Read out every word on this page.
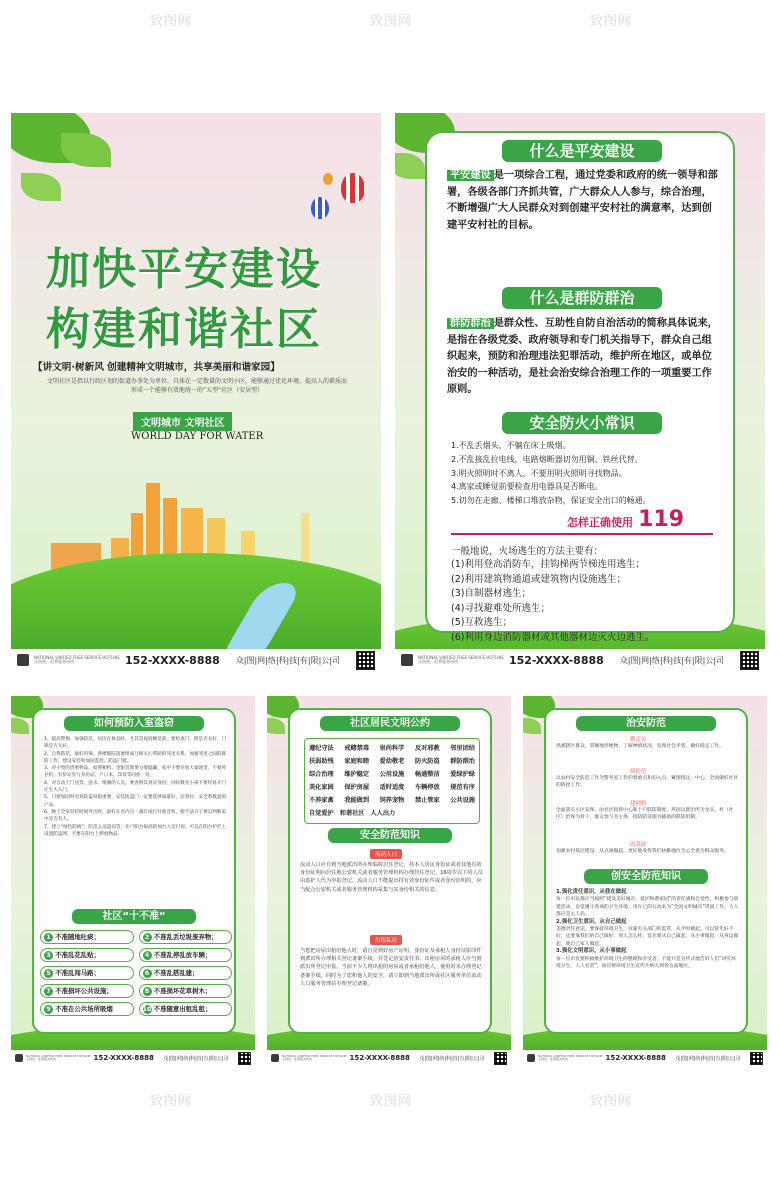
致图网	致图网	致图网
致图网	致图网	致图网
加快平安建设
构建和谐社区
【讲文明·树新风 创建精神文明城市，共享美丽和谐家园】
文明社区是指以行政区划的街道办事处为单位，具体在一定数量的文明小区，能够通过优化环境、提高人的素质而形成一个能够有效地统一的“五型”社区（安居型）
文明城市 文明社区
WORLD DAY FOR WATER
NATIONAL UNIFIED FREE SERVICE HOTLINE
全国统一免费服务热线	152-XXXX-8888	众|图|网|络|科|技|有|限|公|司
什么是平安建设
平安建设 是一项综合工程，通过党委和政府的统一领导和部署，各级各部门齐抓共管，广大群众人人参与，综合治理，不断增强广大人民群众对到创建平安村社的满意率，达到创建平安村社的目标。
什么是群防群治
群防群治 是群众性、互助性自防自治活动的简称具体说来，是指在各级党委、政府领导和专门机关指导下，群众自己组织起来，预防和治理违法犯罪活动，维护所在地区，或单位治安的一种活动，是社会治安综合治理工作的一项重要工作原则。
安全防火小常识
1.不乱丢烟头，不躺在床上吸烟。
2.不乱接乱拉电线，电路熔断器切勿用铜、铁丝代替。
3.明火照明时不离人，不要用明火照明寻找物品。
4.离家或睡觉前要检查用电器具是否断电。
5.切勿在走廊、楼梯口堆放杂物，保证安全出口的畅通。
怎样正确使用 119
一般地说，火场逃生的方法主要有：
(1)利用登高消防车，挂钩梯两节梯连用逃生；
(2)利用建筑物通道或建筑物内设施逃生；
(3)自制器材逃生；
(4)寻找避难处所逃生；
(5)互救逃生；
(6)利用身边消防器材或其他器材边灭火边逃生。
NATIONAL UNIFIED FREE SERVICE HOTLINE
全国统一免费服务热线	152-XXXX-8888	众|图|网|络|科|技|有|限|公|司
如何预防入室盗窃
1、提高警惕，加强防范。居民在休息时，尤其是夜间睡觉前，要检查门、窗是否关好，门锁是否关好。
2、自我防范，搞好内保。各楼群院落要组成互相关心帮助的邻里关系，加强邻里之间的联防工作，建设安装和加固监控、防盗门窗。
3、对小型的贵重物品、如照相机、金银首饰要分散隐藏，家中不要存放大量现金，不要将存折、有价证券与身份证、户口本、印章等同放一处。
4、对自动上门送票、送水、维修的人员，要查明其真实身份，同时教育小孩不要轻易开门让生人入门。
5、门窗加固时对预防盗窃很重要，安装防盗门一定要选择质量好、信誉好、安全系数高的产品。
6、晚上全家轻轻时间外出时，最好在房内点一盏灯或打开收音机，使不法分子难以判断家中是否有人。
7、建立“绿色防线”，防范入室盗窃等，住户阳台拟高的加台入室行窃。可以在阳台护栏上设置防盗网，不要在阳台上摆放物品。
社区“十不准”
1 不准随地吐痰；	2 不准乱丢垃圾废弃物；
3 不准乱花乱贴；	4 不准乱停乱放车辆；
5 不准乱闯马路；	6 不准乱搭乱建；
7 不准损坏公共设施；	8 不准损坏花草树木；
9 不准在公共场所吸烟	10 不准随意出租乱租；
NATIONAL UNIFIED FREE SERVICE HOTLINE
全国统一免费服务热线	152-XXXX-8888	众|图|网|络|科|技|有|限|公|司
社区居民文明公约
遵纪守法 戒赌禁毒 崇尚科学 反对邪教 邻里团结
扶弱助残 家庭和睦 爱幼敬老 防火防盗 群防群治
综合治理 维护稳定 公用设施 畅通整洁 爱绿护绿
美化家园 保护房屋 适时适度 车辆停放 规范有序
不养家禽 我能做到 饲养宠物 禁止管家 公共设施
自觉爱护 和谐社区 人人出力
安全防范知识
流动人口
流动人口应自到当地派出所办理临时居住登记，持本人居民身份证或者其他有效身份证明向居住地公安机关或者服务管理机构办理居住登记。16周岁以下的人员由监护人代为申报登记。流动人口不能提出持有效身份证件或者身份证明的，应当配合公安机关或者服务管理机构采集与其身份相关的信息。
出租私房
当您把房屋出租给他人时，请自觉到好房产证明、身份证及承租人身份证影印件到派出所办理相关登记备案手续，并签定治安责任书；出租房屋的承租人应当到派出所登记申报。当前不少人将出租的房屋或者承租给他人，使用时未办理登记备案手续，同时为了您和他人的安全，请立即到当地派出所或社区服务单位流动人口服务管理站办理登记备案。
NATIONAL UNIFIED FREE SERVICE HOTLINE
全国统一免费服务热线	152-XXXX-8888	众|图|网|络|科|技|有|限|公|司
治安防范
勤走访
熟悉辖区群众，掌握地形地物，了解神情状况，发现社会矛盾，做好稳定工作。
强防范
以农村安全防范工作为警务室工作的着重点和切入点，紧围绕这一中心，全面做好社区的防控工作。
建网格
全面落实小区安保，由社区指挥中心和十户联防制度，巩固以派出所为龙头、村（社区）治保为骨干，群众参与为主体，指防防设施为辅助的联防机制。
固基础
加强农村基层建设，从点滴做起，更好地发挥我们执勤地位全心全意为群众服务。
创安全防范知识
1.强化责任意识，从我在做起
每一位市民都应当按照“建设美好城市，爱护和谐家园”的责任感和自觉性，积极参与创建活动，自觉遵守各项的卫生环境，用在已的行动来为“全国文明城市”巩固工作，人人都应是主人翁。
2.强化卫生意识，从自己做起
美德责任意识，要保持环境卫生，仅靠有关部门的监管，从平时做起，可以常年好不好，还要靠我们的自己做好，别人怎么样，首先要从自己做起，从小事做起，从身边做起，使自己家人做起。
3.强化文明意识，从小事做起
每一位市民要积极维护环境卫生的整理和享受者，不能只是宣传式地告诉人们“讲究环境卫生，人人有责”，而应将环境卫生宣传片纳入到各方面地区。
NATIONAL UNIFIED FREE SERVICE HOTLINE
全国统一免费服务热线	152-XXXX-8888	众|图|网|络|科|技|有|限|公|司
